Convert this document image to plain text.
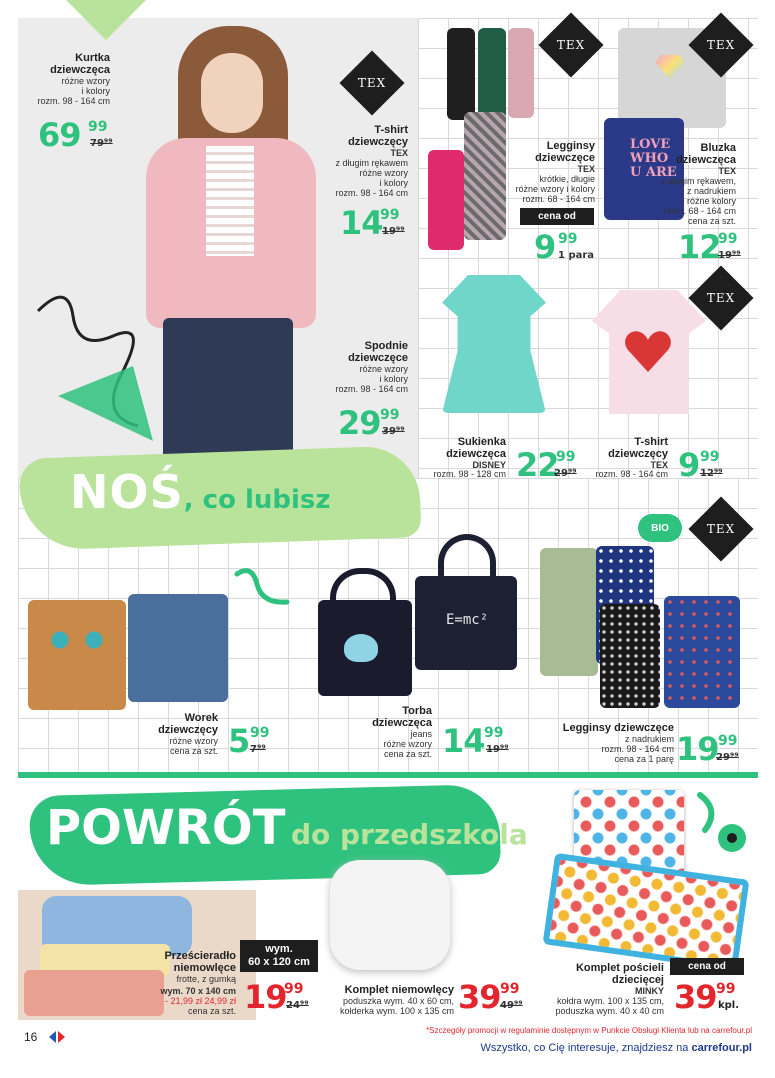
Kurtka
dziewczęca
różne wzory
i kolory
rozm. 98 - 164 cm
69 99
79⁹⁹
TEX
T-shirt
dziewczęcy
TEX
z długim rękawem
różne wzory
i kolory
rozm. 98 - 164 cm
14
99
19⁹⁹
Spodnie
dziewczęce
różne wzory
i kolory
rozm. 98 - 164 cm
29 99
39⁹⁹
TEX
Legginsy
dziewczęce
TEX
krótkie, długie
różne wzory i kolory
rozm. 68 - 164 cm
cena od
9 99
1 para
LOVE
WHO
U ARE
TEX
Bluzka
dziewczęca
TEX
z długim rękawem,
z nadrukiem
różne kolory
rozm. 68 - 164 cm
cena za szt.
12
99
19⁹⁹
Sukienka
dziewczęca
DISNEY
rozm. 98 - 128 cm 22
99
29⁹⁹
TEX
T-shirt
dziewczęcy
TEX
rozm. 98 - 164 cm 9 99
12⁹⁹
NOŚ, co lubisz
BIO	TEX
Worek
dziewczęcy
różne wzory
cena za szt. 5 99
7⁹⁹
E=mc²
Torba
dziewczęca
jeans
różne wzory
cena za szt. 14 99
19⁹⁹
Legginsy dziewczęce
z nadrukiem
rozm. 98 - 164 cm
cena za 1 parę 19 99
29⁹⁹
POWRÓT do przedszkola
wym.
60 x 120 cm
Prześcieradło
niemowlęce
frotte, z gumką
wym. 70 x 140 cm
- 21,99 zł 24,99 zł
cena za szt. 19
99
24⁹⁹
Komplet niemowlęcy
poduszka wym. 40 x 60 cm,
kołderka wym. 100 x 135 cm 39 99
49⁹⁹
Komplet pościeli
dziecięcej
MINKY
kołdra wym. 100 x 135 cm,
poduszka wym. 40 x 40 cm
cena od
39 99
kpl.
16	*Szczegóły promocji w regulaminie dostępnym w Punkcie Obsługi Klienta lub na carrefour.pl
Wszystko, co Cię interesuje, znajdziesz na carrefour.pl
